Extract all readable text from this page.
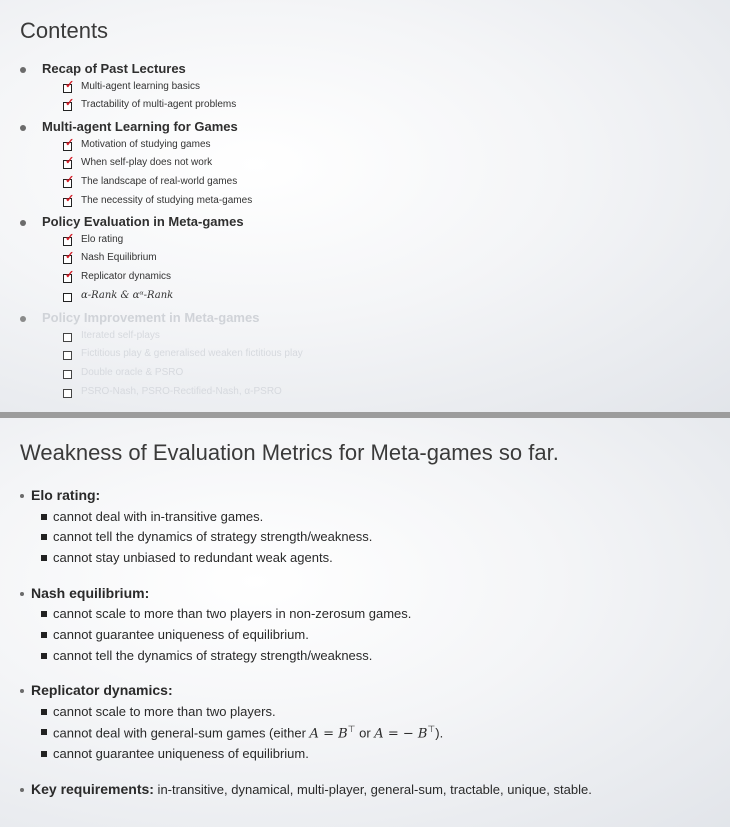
Contents
Recap of Past Lectures
✓ Multi-agent learning basics
✓ Tractability of multi-agent problems
Multi-agent Learning for Games
✓ Motivation of studying games
✓ When self-play does not work
✓ The landscape of real-world games
✓ The necessity of studying meta-games
Policy Evaluation in Meta-games
✓ Elo rating
✓ Nash Equilibrium
✓ Replicator dynamics
α-Rank & αᵅ-Rank
Policy Improvement in Meta-games
Iterated self-plays
Fictitious play & generalised weaken fictitious play
Double oracle & PSRO
PSRO-Nash, PSRO-Rectified-Nash, α-PSRO
Weakness of Evaluation Metrics for Meta-games so far.
Elo rating:
cannot deal with in-transitive games.
cannot tell the dynamics of strategy strength/weakness.
cannot stay unbiased to redundant weak agents.
Nash equilibrium:
cannot scale to more than two players in non-zerosum games.
cannot guarantee uniqueness of equilibrium.
cannot tell the dynamics of strategy strength/weakness.
Replicator dynamics:
cannot scale to more than two players.
cannot deal with general-sum games (either A = B⊤ or A = − B⊤).
cannot guarantee uniqueness of equilibrium.
Key requirements: in-transitive, dynamical, multi-player, general-sum, tractable, unique, stable.
